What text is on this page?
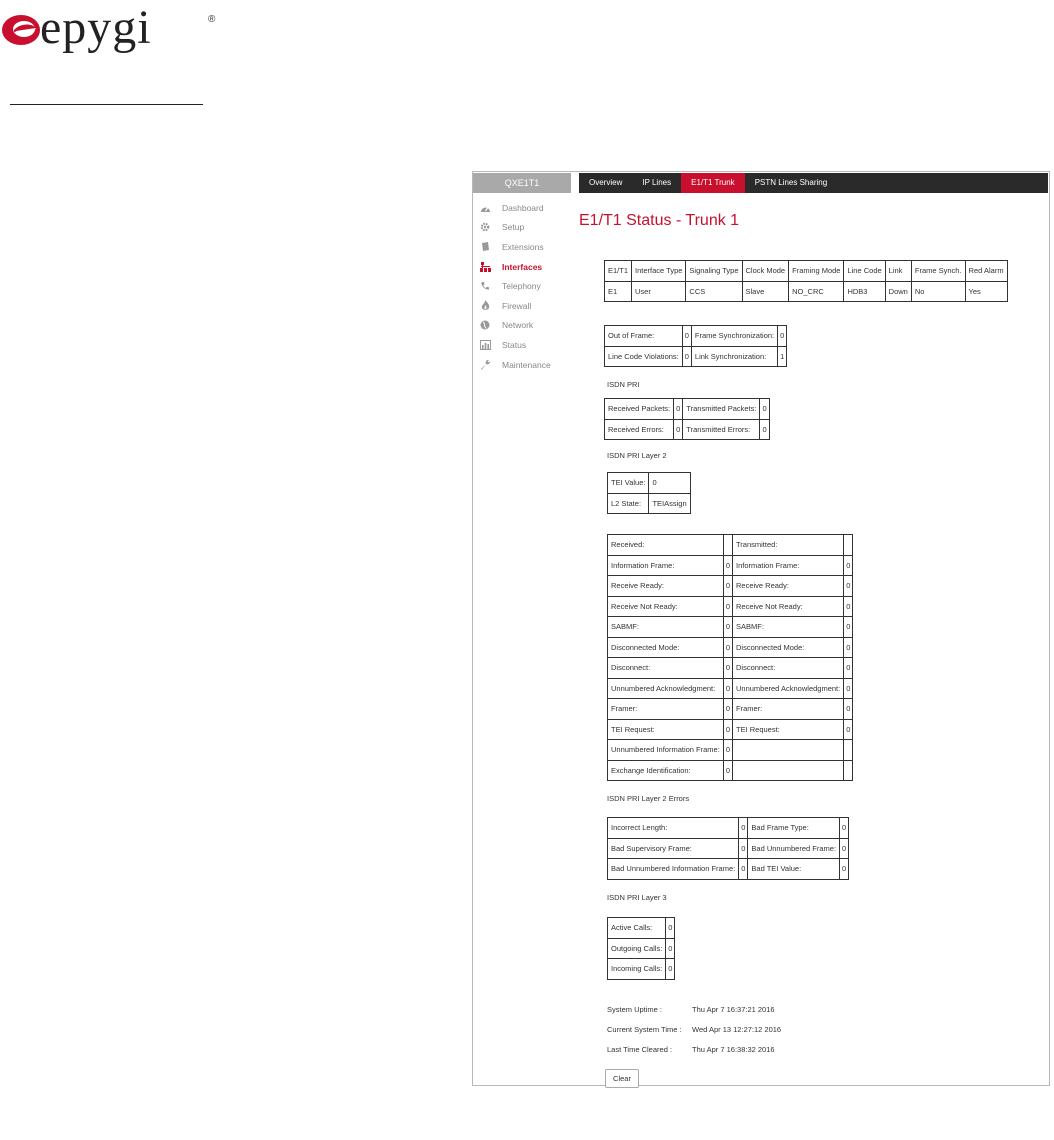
epygi	®
QXE1T1
Dashboard
Setup
Extensions
Interfaces
Telephony
Firewall
Network
Status
Maintenance
Overview	IP Lines	E1/T1 Trunk	PSTN Lines Sharing
E1/T1 Status - Trunk 1
E1/T1	Interface Type	Signaling Type	Clock Mode	Framing Mode	Line Code	Link	Frame Synch.	Red Alarm
E1	User	CCS	Slave	NO_CRC	HDB3	Down	No	Yes
Out of Frame:	0	Frame Synchronization:	0
Line Code Violations:	0	Link Synchronization:	1
ISDN PRI
Received Packets:	0	Transmitted Packets:	0
Received Errors:	0	Transmitted Errors:	0
ISDN PRI Layer 2
TEI Value:	0
L2 State:	TEIAssign
Received:		Transmitted:	
Information Frame:	0	Information Frame:	0
Receive Ready:	0	Receive Ready:	0
Receive Not Ready:	0	Receive Not Ready:	0
SABMF:	0	SABMF:	0
Disconnected Mode:	0	Disconnected Mode:	0
Disconnect:	0	Disconnect:	0
Unnumbered Acknowledgment:	0	Unnumbered Acknowledgment:	0
Framer:	0	Framer:	0
TEI Request:	0	TEI Request:	0
Unnumbered Information Frame:	0		
Exchange Identification:	0		
ISDN PRI Layer 2 Errors
Incorrect Length:	0	Bad Frame Type:	0
Bad Supervisory Frame:	0	Bad Unnumbered Frame:	0
Bad Unnumbered Information Frame:	0	Bad TEI Value:	0
ISDN PRI Layer 3
Active Calls:	0
Outgoing Calls:	0
Incoming Calls:	0
System Uptime :	Thu Apr 7 16:37:21 2016
Current System Time : Wed Apr 13 12:27:12 2016
Last Time Cleared :	Thu Apr 7 16:38:32 2016
Clear
